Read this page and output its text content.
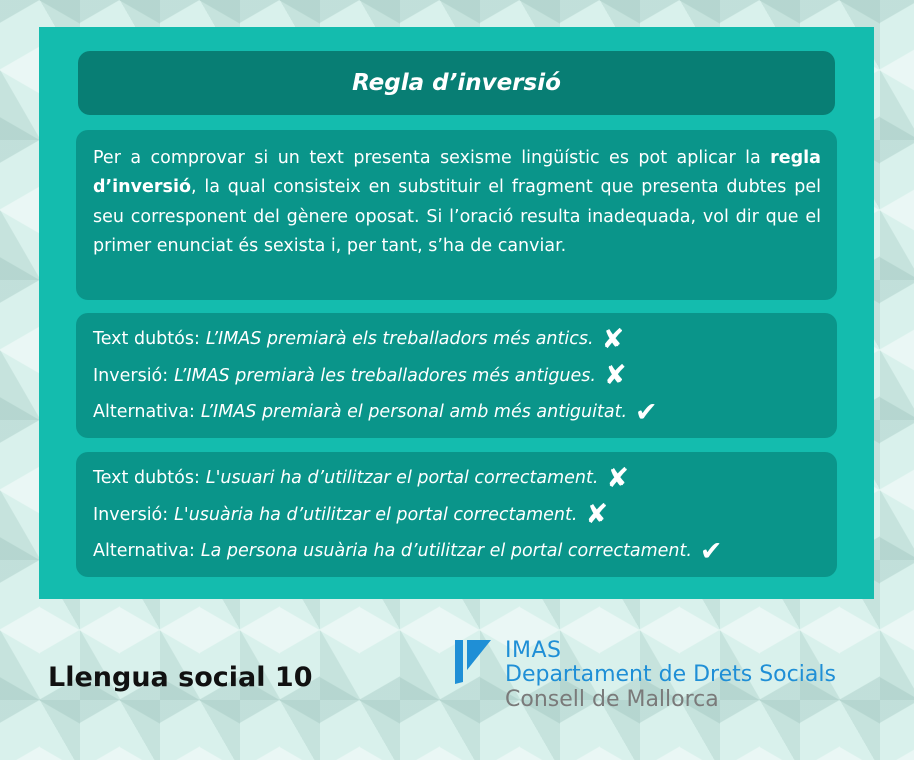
Regla d’inversió
Per a comprovar si un text presenta sexisme lingüístic es pot aplicar la regla d’inversió, la qual consisteix en substituir el fragment que presenta dubtes pel seu corresponent del gènere oposat. Si l’oració resulta inadequada, vol dir que el primer enunciat és sexista i, per tant, s’ha de canviar.
Text dubtós: L’IMAS premiarà els treballadors més antics. ✘
Inversió: L’IMAS premiarà les treballadores més antigues. ✘
Alternativa: L’IMAS premiarà el personal amb més antiguitat. ✔
Text dubtós: L'usuari ha d’utilitzar el portal correctament. ✘
Inversió: L'usuària ha d’utilitzar el portal correctament. ✘
Alternativa: La persona usuària ha d’utilitzar el portal correctament. ✔
Llengua social 10
IMAS
Departament de Drets Socials
Consell de Mallorca
